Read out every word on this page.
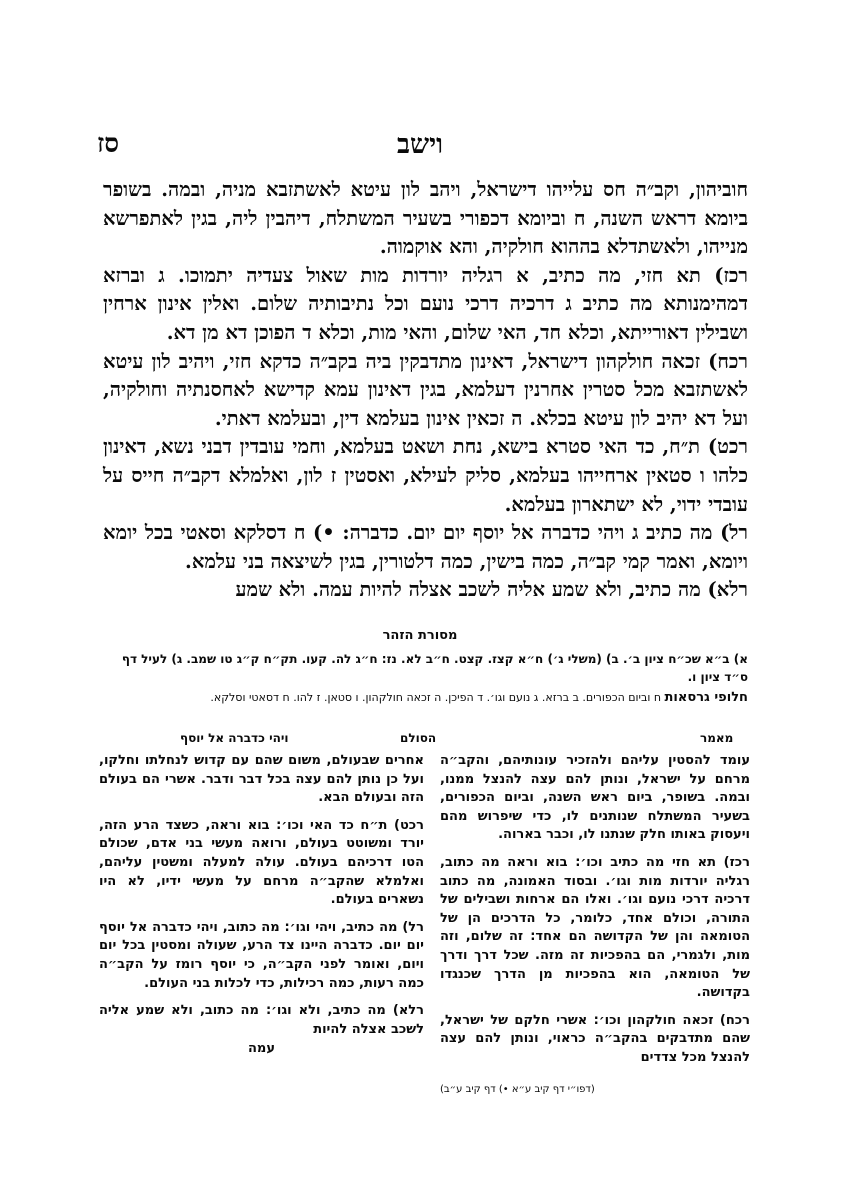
וישב
סז

חוביהון, וקב״ה חס עלייהו דישראל, ויהב לון עיטא לאשתזבא מניה, ובמה. בשופר ביומא דראש השנה, ח וביומא דכפורי בשעיר המשתלח, דיהבין ליה, בגין לאתפרשא מנייהו, ולאשתדלא בההוא חולקיה, והא אוקמוה.

רכז) תא חזי, מה כתיב, א רגליה יורדות מות שאול צעדיה יתמוכו. ג וברזא דמהימנותא מה כתיב ג דרכיה דרכי נועם וכל נתיבותיה שלום. ואלין אינון ארחין ושבילין דאורייתא, וכלא חד, האי שלום, והאי מות, וכלא ד הפוכן דא מן דא.

רכח) זכאה חולקהון דישראל, דאינון מתדבקין ביה בקב״ה כדקא חזי, ויהיב לון עיטא לאשתזבא מכל סטרין אחרנין דעלמא, בגין דאינון עמא קדישא לאחסנתיה וחולקיה, ועל דא יהיב לון עיטא בכלא. ה זכאין אינון בעלמא דין, ובעלמא דאתי.

רכט) ת״ח, כד האי סטרא בישא, נחת ושאט בעלמא, וחמי עובדין דבני נשא, דאינון כלהו ו סטאין ארחייהו בעלמא, סליק לעילא, ואסטין ז לון, ואלמלא דקב״ה חייס על עובדי ידוי, לא ישתארון בעלמא.

רל) מה כתיב ג ויהי כדברה אל יוסף יום יום. כדברה: •) ח דסלקא וסאטי בכל יומא ויומא, ואמר קמי קב״ה, כמה בישין, כמה דלטורין, בגין לשיצאה בני עלמא.

רלא) מה כתיב, ולא שמע אליה לשכב אצלה להיות עמה. ולא שמע

מסורת הזהר
א) ב״א שכ״ח ציון ב׳. ב) (משלי ג׳) ח״א קצז. קצט. ח״ב לא. נז: ח״ג לה. קעו. תק״ח ק״ג טו שמב. ג) לעיל דף ס״ד ציון ו.
חלופי גרסאות ח וביום הכפורים. ב ברזא. ג נועם וגו׳. ד הפיכן. ה זכאה חולקהון. ו סטאן. ז להו. ח דסאטי וסלקא.
מאמר
הסולם
ויהי כדברה אל יוסף

עומד להסטין עליהם ולהזכיר עונותיהם, והקב״ה מרחם על ישראל, ונותן להם עצה להנצל ממנו, ובמה. בשופר, ביום ראש השנה, וביום הכפורים, בשעיר המשתלח שנותנים לו, כדי שיפרוש מהם ויעסוק באותו חלק שנתנו לו, וכבר בארוה.

רכז) תא חזי מה כתיב וכו׳: בוא וראה מה כתוב, רגליה יורדות מות וגו׳. ובסוד האמונה, מה כתוב דרכיה דרכי נועם וגו׳. ואלו הם ארחות ושבילים של התורה, וכולם אחד, כלומר, כל הדרכים הן של הטומאה והן של הקדושה הם אחד: זה שלום, וזה מות, ולגמרי, הם בהפכיות זה מזה. שכל דרך ודרך של הטומאה, הוא בהפכיות מן הדרך שכנגדו בקדושה.

רכח) זכאה חולקהון וכו׳: אשרי חלקם של ישראל, שהם מתדבקים בהקב״ה כראוי, ונותן להם עצה להנצל מכל צדדים

(דפו״י דף קיב ע״א •) דף קיב ע״ב)

אחרים שבעולם, משום שהם עם קדוש לנחלתו וחלקו, ועל כן נותן להם עצה בכל דבר ודבר. אשרי הם בעולם הזה ובעולם הבא.

רכט) ת״ח כד האי וכו׳: בוא וראה, כשצד הרע הזה, יורד ומשוטט בעולם, ורואה מעשי בני אדם, שכולם הטו דרכיהם בעולם. עולה למעלה ומשטין עליהם, ואלמלא שהקב״ה מרחם על מעשי ידיו, לא היו נשארים בעולם.

רל) מה כתיב, ויהי וגו׳: מה כתוב, ויהי כדברה אל יוסף יום יום. כדברה היינו צד הרע, שעולה ומסטין בכל יום ויום, ואומר לפני הקב״ה, כי יוסף רומז על הקב״ה כמה רעות, כמה רכילות, כדי לכלות בני העולם.

רלא) מה כתיב, ולא וגו׳: מה כתוב, ולא שמע אליה לשכב אצלה להיות

עמה
